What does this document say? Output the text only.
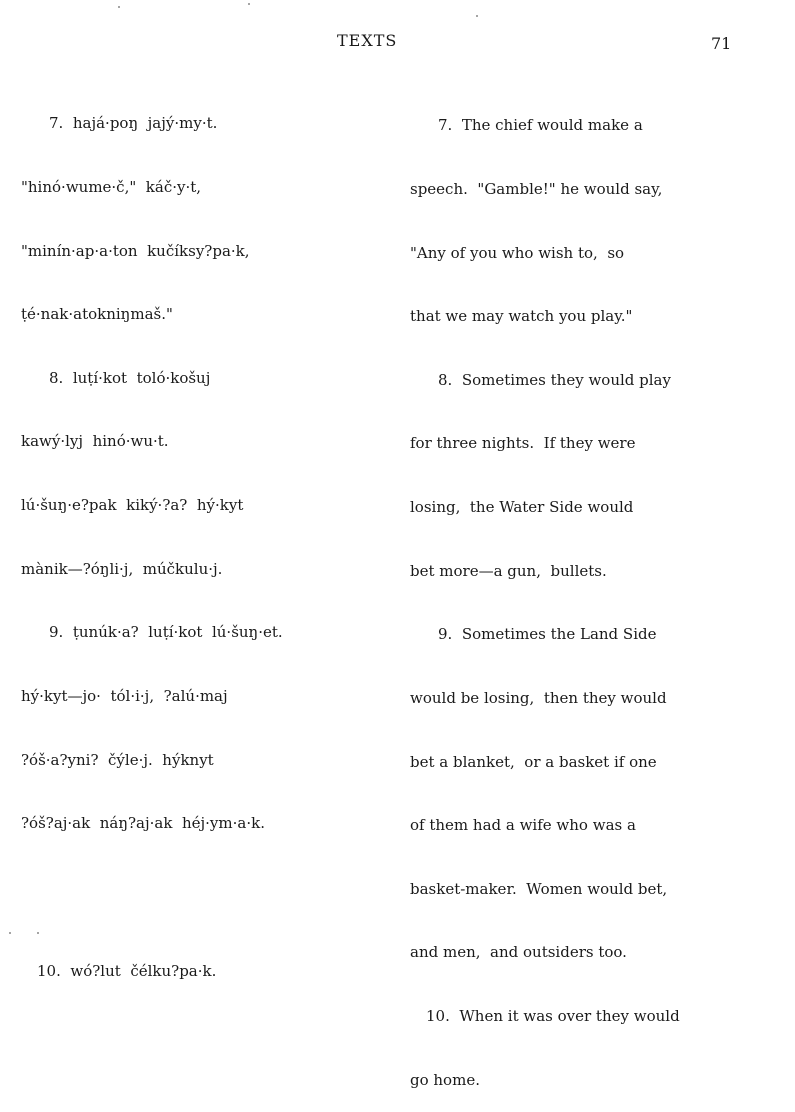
TEXTS	71

7.  hajá·poŋ  jajý·my·t.

"hinó·wume·č,"  káč·y·t,

"minín·ap·a·ton  kučíksy?pa·k,

ṭé·nak·atokniŋmaš."

8.  luṭí·kot  toló·košuj

kawý·lyj  hinó·wu·t.

lú·šuŋ·e?pak  kiký·?a?  hý·kyt

mànik—?óŋli·j,  múčkulu·j.

9.  ṭunúk·a?  luṭí·kot  lú·šuŋ·et.

hý·kyt—jo·  tól·i·j,  ?alú·maj

?óš·a?yni?  čýle·j.  hýknyt

?óš?aj·ak  náŋ?aj·ak  héj·ym·a·k.

10.  wó?lut  čélku?pa·k.

7.  The chief would make a

speech.  "Gamble!" he would say,

"Any of you who wish to,  so

that we may watch you play."

8.  Sometimes they would play

for three nights.  If they were

losing,  the Water Side would

bet more—a gun,  bullets.

9.  Sometimes the Land Side

would be losing,  then they would

bet a blanket,  or a basket if one

of them had a wife who was a

basket-maker.  Women would bet,

and men,  and outsiders too.

10.  When it was over they would

go home.
